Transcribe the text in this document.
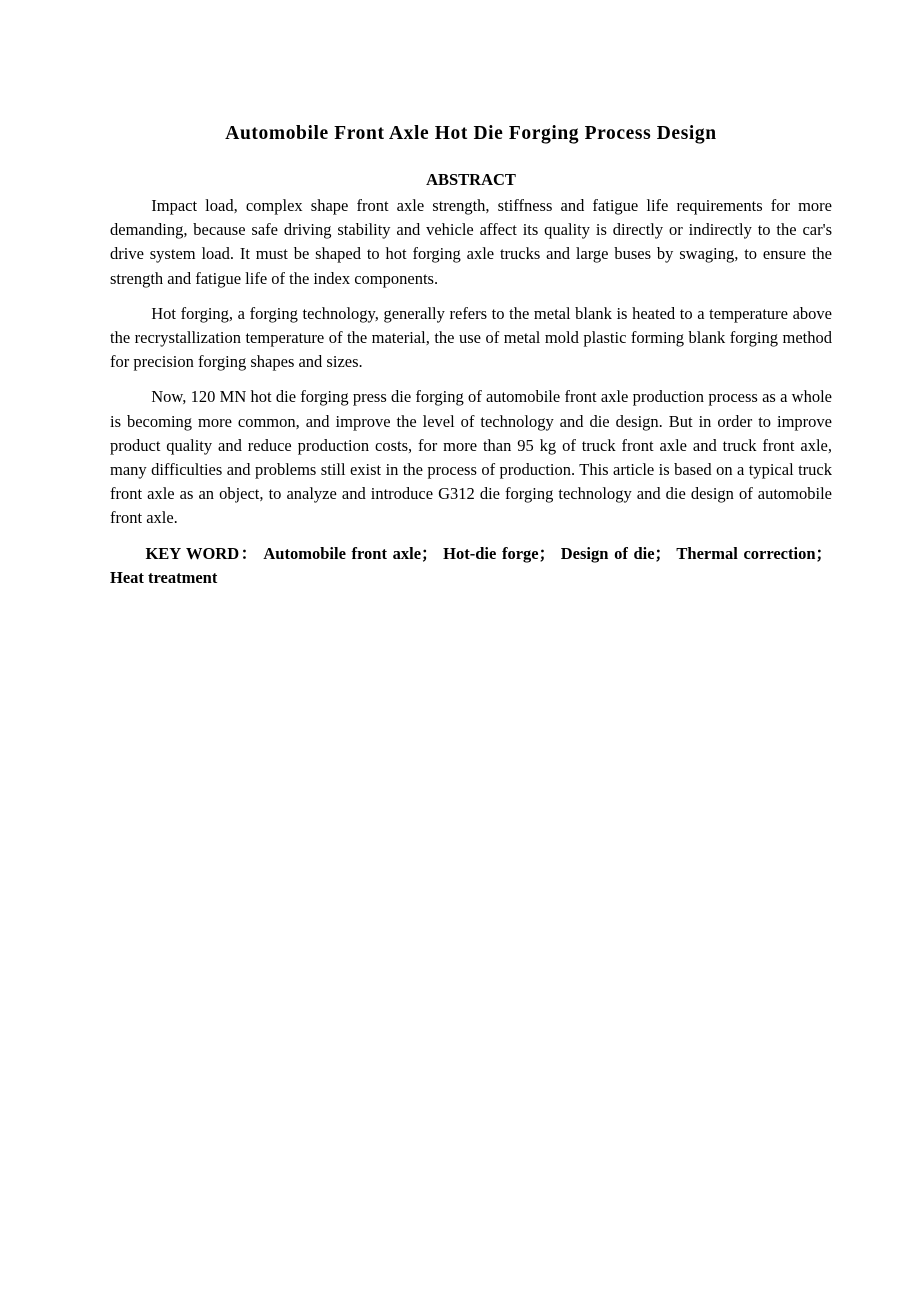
Automobile Front Axle Hot Die Forging Process Design
ABSTRACT

Impact load, complex shape front axle strength, stiffness and fatigue life requirements for more demanding, because safe driving stability and vehicle affect its quality is directly or indirectly to the car's drive system load. It must be shaped to hot forging axle trucks and large buses by swaging, to ensure the strength and fatigue life of the index components.

Hot forging, a forging technology, generally refers to the metal blank is heated to a temperature above the recrystallization temperature of the material, the use of metal mold plastic forming blank forging method for precision forging shapes and sizes.

Now, 120 MN hot die forging press die forging of automobile front axle production process as a whole is becoming more common, and improve the level of technology and die design. But in order to improve product quality and reduce production costs, for more than 95 kg of truck front axle and truck front axle, many difficulties and problems still exist in the process of production. This article is based on a typical truck front axle as an object, to analyze and introduce G312 die forging technology and die design of automobile front axle.

KEY WORD： Automobile front axle； Hot-die forge； Design of die； Thermal correction；Heat treatment
